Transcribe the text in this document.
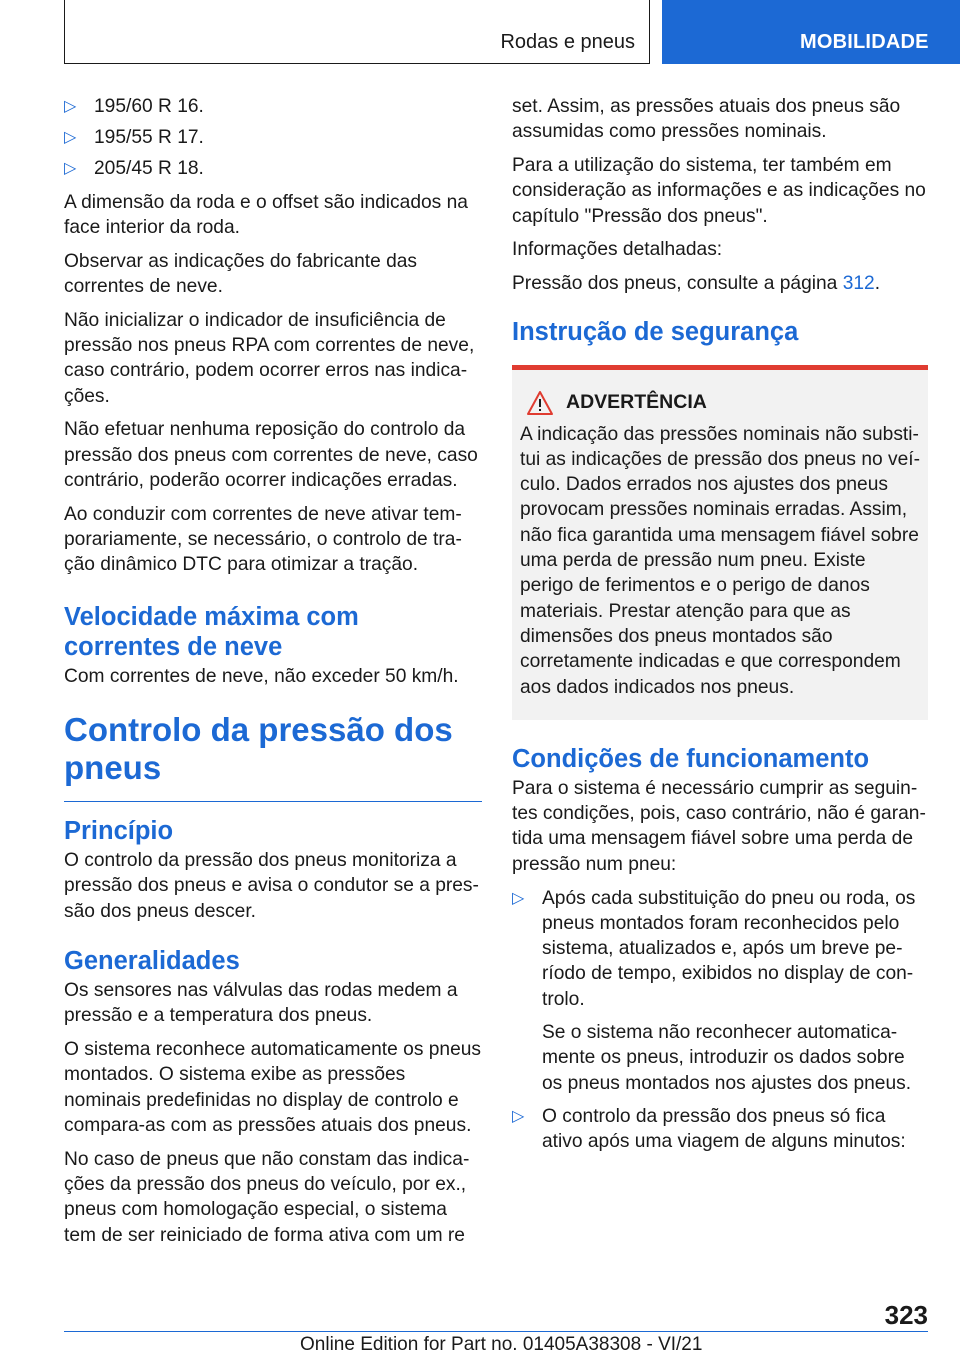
Rodas e pneus	MOBILIDADE
▷ 195/60 R 16.
▷ 195/55 R 17.
▷ 205/45 R 18.

A dimensão da roda e o offset são indicados na face interior da roda.

Observar as indicações do fabricante das correntes de neve.

Não inicializar o indicador de insuficiência de pressão nos pneus RPA com correntes de neve, caso contrário, podem ocorrer erros nas indicações.

Não efetuar nenhuma reposição do controlo da pressão dos pneus com correntes de neve, caso contrário, poderão ocorrer indicações erradas.

Ao conduzir com correntes de neve ativar temporariamente, se necessário, o controlo de tração dinâmico DTC para otimizar a tração.

Velocidade máxima com correntes de neve

Com correntes de neve, não exceder 50 km/h.

Controlo da pressão dos pneus
Princípio

O controlo da pressão dos pneus monitoriza a pressão dos pneus e avisa o condutor se a pressão dos pneus descer.

Generalidades

Os sensores nas válvulas das rodas medem a pressão e a temperatura dos pneus.

O sistema reconhece automaticamente os pneus montados. O sistema exibe as pressões nominais predefinidas no display de controlo e compara-as com as pressões atuais dos pneus.

No caso de pneus que não constam das indicações da pressão dos pneus do veículo, por ex., pneus com homologação especial, o sistema tem de ser reiniciado de forma ativa com um re

set. Assim, as pressões atuais dos pneus são assumidas como pressões nominais.

Para a utilização do sistema, ter também em consideração as informações e as indicações no capítulo "Pressão dos pneus".

Informações detalhadas:

Pressão dos pneus, consulte a página 312.

Instrução de segurança
ADVERTÊNCIA

A indicação das pressões nominais não substitui as indicações de pressão dos pneus no veículo. Dados errados nos ajustes dos pneus provocam pressões nominais erradas. Assim, não fica garantida uma mensagem fiável sobre uma perda de pressão num pneu. Existe perigo de ferimentos e o perigo de danos materiais. Prestar atenção para que as dimensões dos pneus montados são corretamente indicadas e que correspondem aos dados indicados nos pneus.

Condições de funcionamento

Para o sistema é necessário cumprir as seguintes condições, pois, caso contrário, não é garantida uma mensagem fiável sobre uma perda de pressão num pneu:

▷ Após cada substituição do pneu ou roda, os pneus montados foram reconhecidos pelo sistema, atualizados e, após um breve período de tempo, exibidos no display de controlo.

Se o sistema não reconhecer automaticamente os pneus, introduzir os dados sobre os pneus montados nos ajustes dos pneus.

▷ O controlo da pressão dos pneus só fica ativo após uma viagem de alguns minutos:

323
Online Edition for Part no. 01405A38308 - VI/21
